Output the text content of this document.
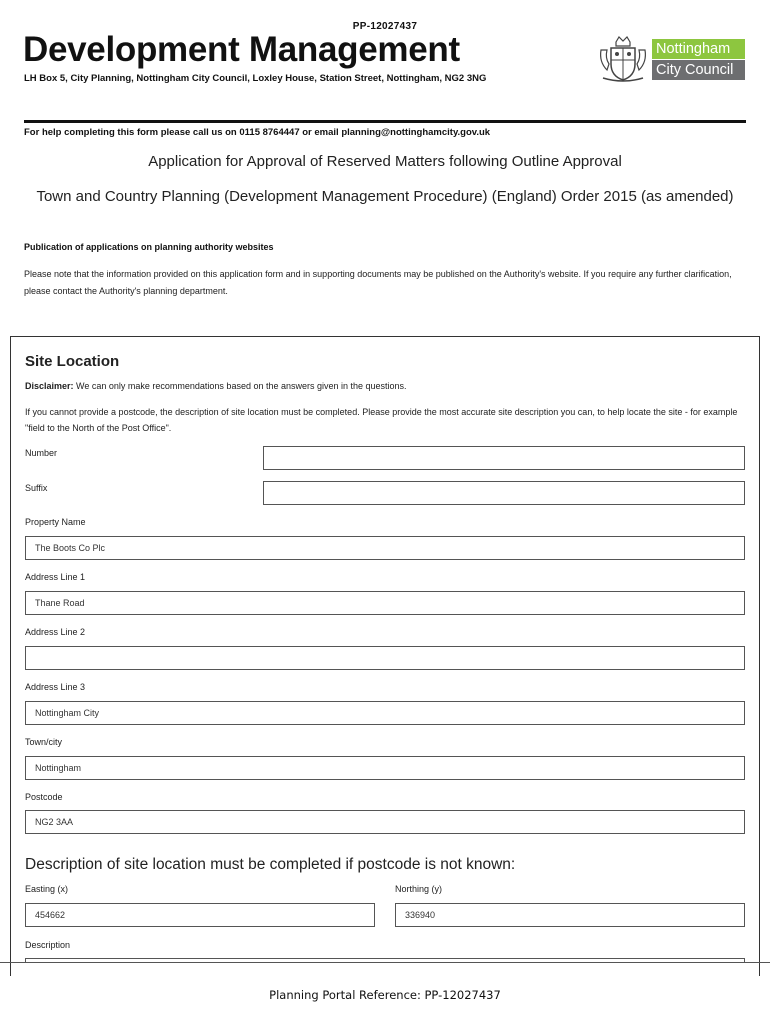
PP-12027437
Development Management
LH Box 5, City Planning, Nottingham City Council, Loxley House, Station Street, Nottingham, NG2 3NG
Nottingham
City Council
For help completing this form please call us on 0115 8764447 or email planning@nottinghamcity.gov.uk
Application for Approval of Reserved Matters following Outline Approval
Town and Country Planning (Development Management Procedure) (England) Order 2015 (as amended)
Publication of applications on planning authority websites
Please note that the information provided on this application form and in supporting documents may be published on the Authority's website. If you require any further clarification, please contact the Authority's planning department.
Site Location
Disclaimer: We can only make recommendations based on the answers given in the questions.
If you cannot provide a postcode, the description of site location must be completed. Please provide the most accurate site description you can, to help locate the site - for example "field to the North of the Post Office".
Number
Suffix
Property Name
The Boots Co Plc
Address Line 1
Thane Road
Address Line 2
Address Line 3
Nottingham City
Town/city
Nottingham
Postcode
NG2 3AA
Description of site location must be completed if postcode is not known:
Easting (x)
454662
Northing (y)
336940
Description
Planning Portal Reference: PP-12027437
